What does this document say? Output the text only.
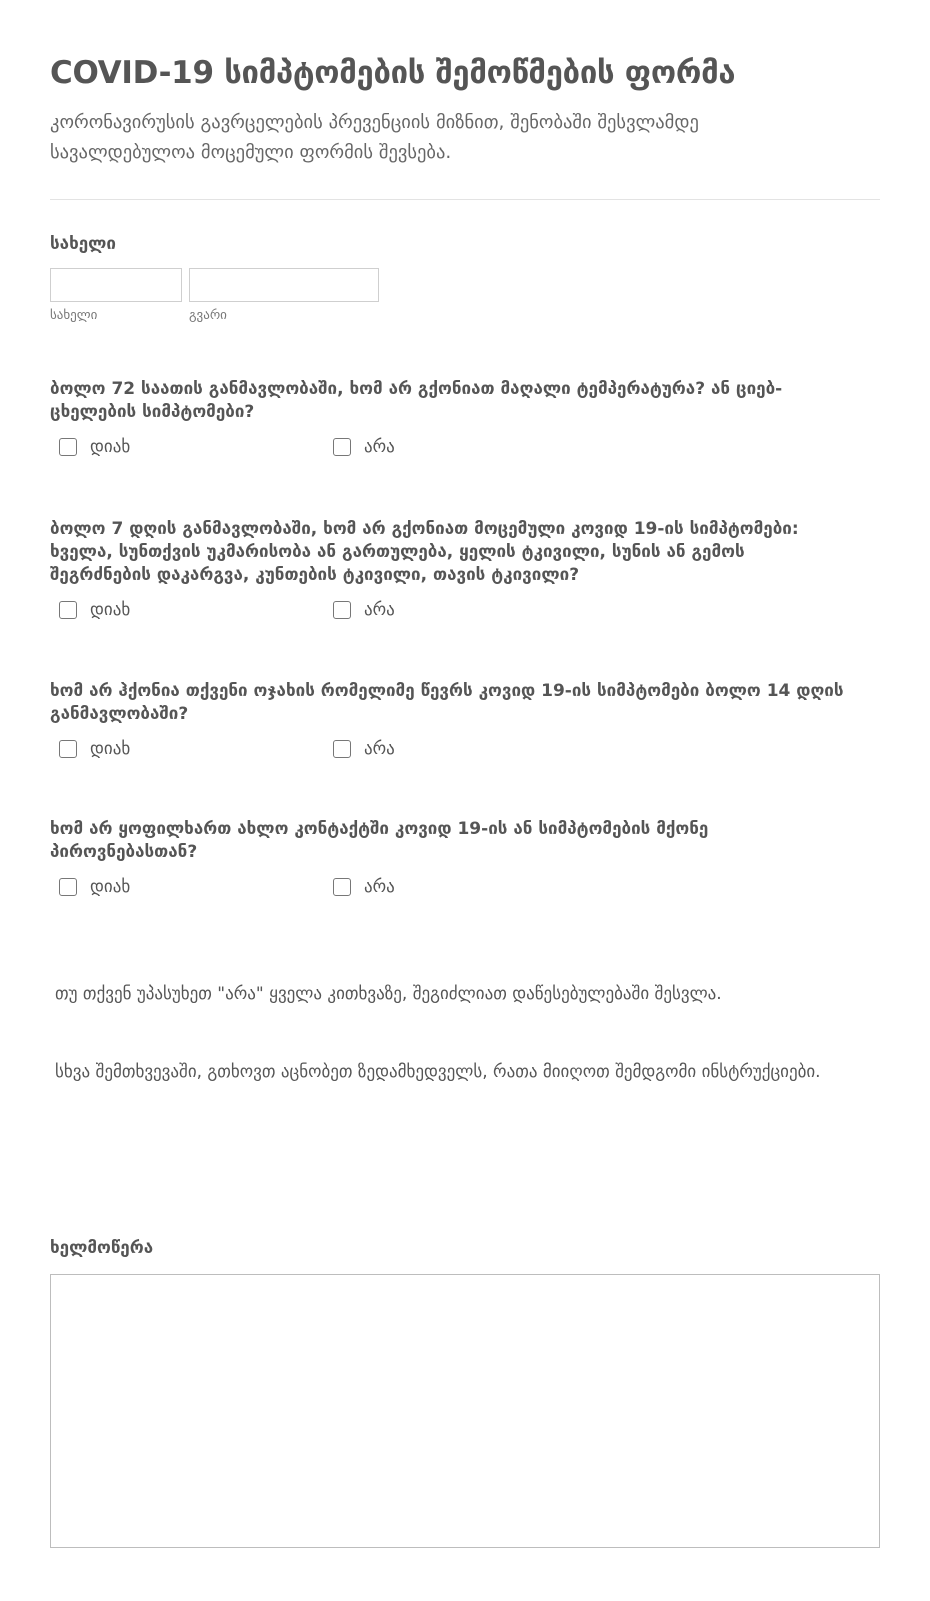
COVID-19 სიმპტომების შემოწმების ფორმა

კორონავირუსის გავრცელების პრევენციის მიზნით, შენობაში შესვლამდე სავალდებულოა მოცემული ფორმის შევსება.

სახელი
სახელი	გვარი
ბოლო 72 საათის განმავლობაში, ხომ არ გქონიათ მაღალი ტემპერატურა? ან ციებ-ცხელების სიმპტომები?
დიახ	არა
ბოლო 7 დღის განმავლობაში, ხომ არ გქონიათ მოცემული კოვიდ 19-ის სიმპტომები: ხველა, სუნთქვის უკმარისობა ან გართულება, ყელის ტკივილი, სუნის ან გემოს შეგრძნების დაკარგვა, კუნთების ტკივილი, თავის ტკივილი?
დიახ	არა
ხომ არ ჰქონია თქვენი ოჯახის რომელიმე წევრს კოვიდ 19-ის სიმპტომები ბოლო 14 დღის განმავლობაში?
დიახ	არა
ხომ არ ყოფილხართ ახლო კონტაქტში კოვიდ 19-ის ან სიმპტომების მქონე პიროვნებასთან?
დიახ	არა

თუ თქვენ უპასუხეთ "არა" ყველა კითხვაზე, შეგიძლიათ დაწესებულებაში შესვლა.

სხვა შემთხვევაში, გთხოვთ აცნობეთ ზედამხედველს, რათა მიიღოთ შემდგომი ინსტრუქციები.

ხელმოწერა
